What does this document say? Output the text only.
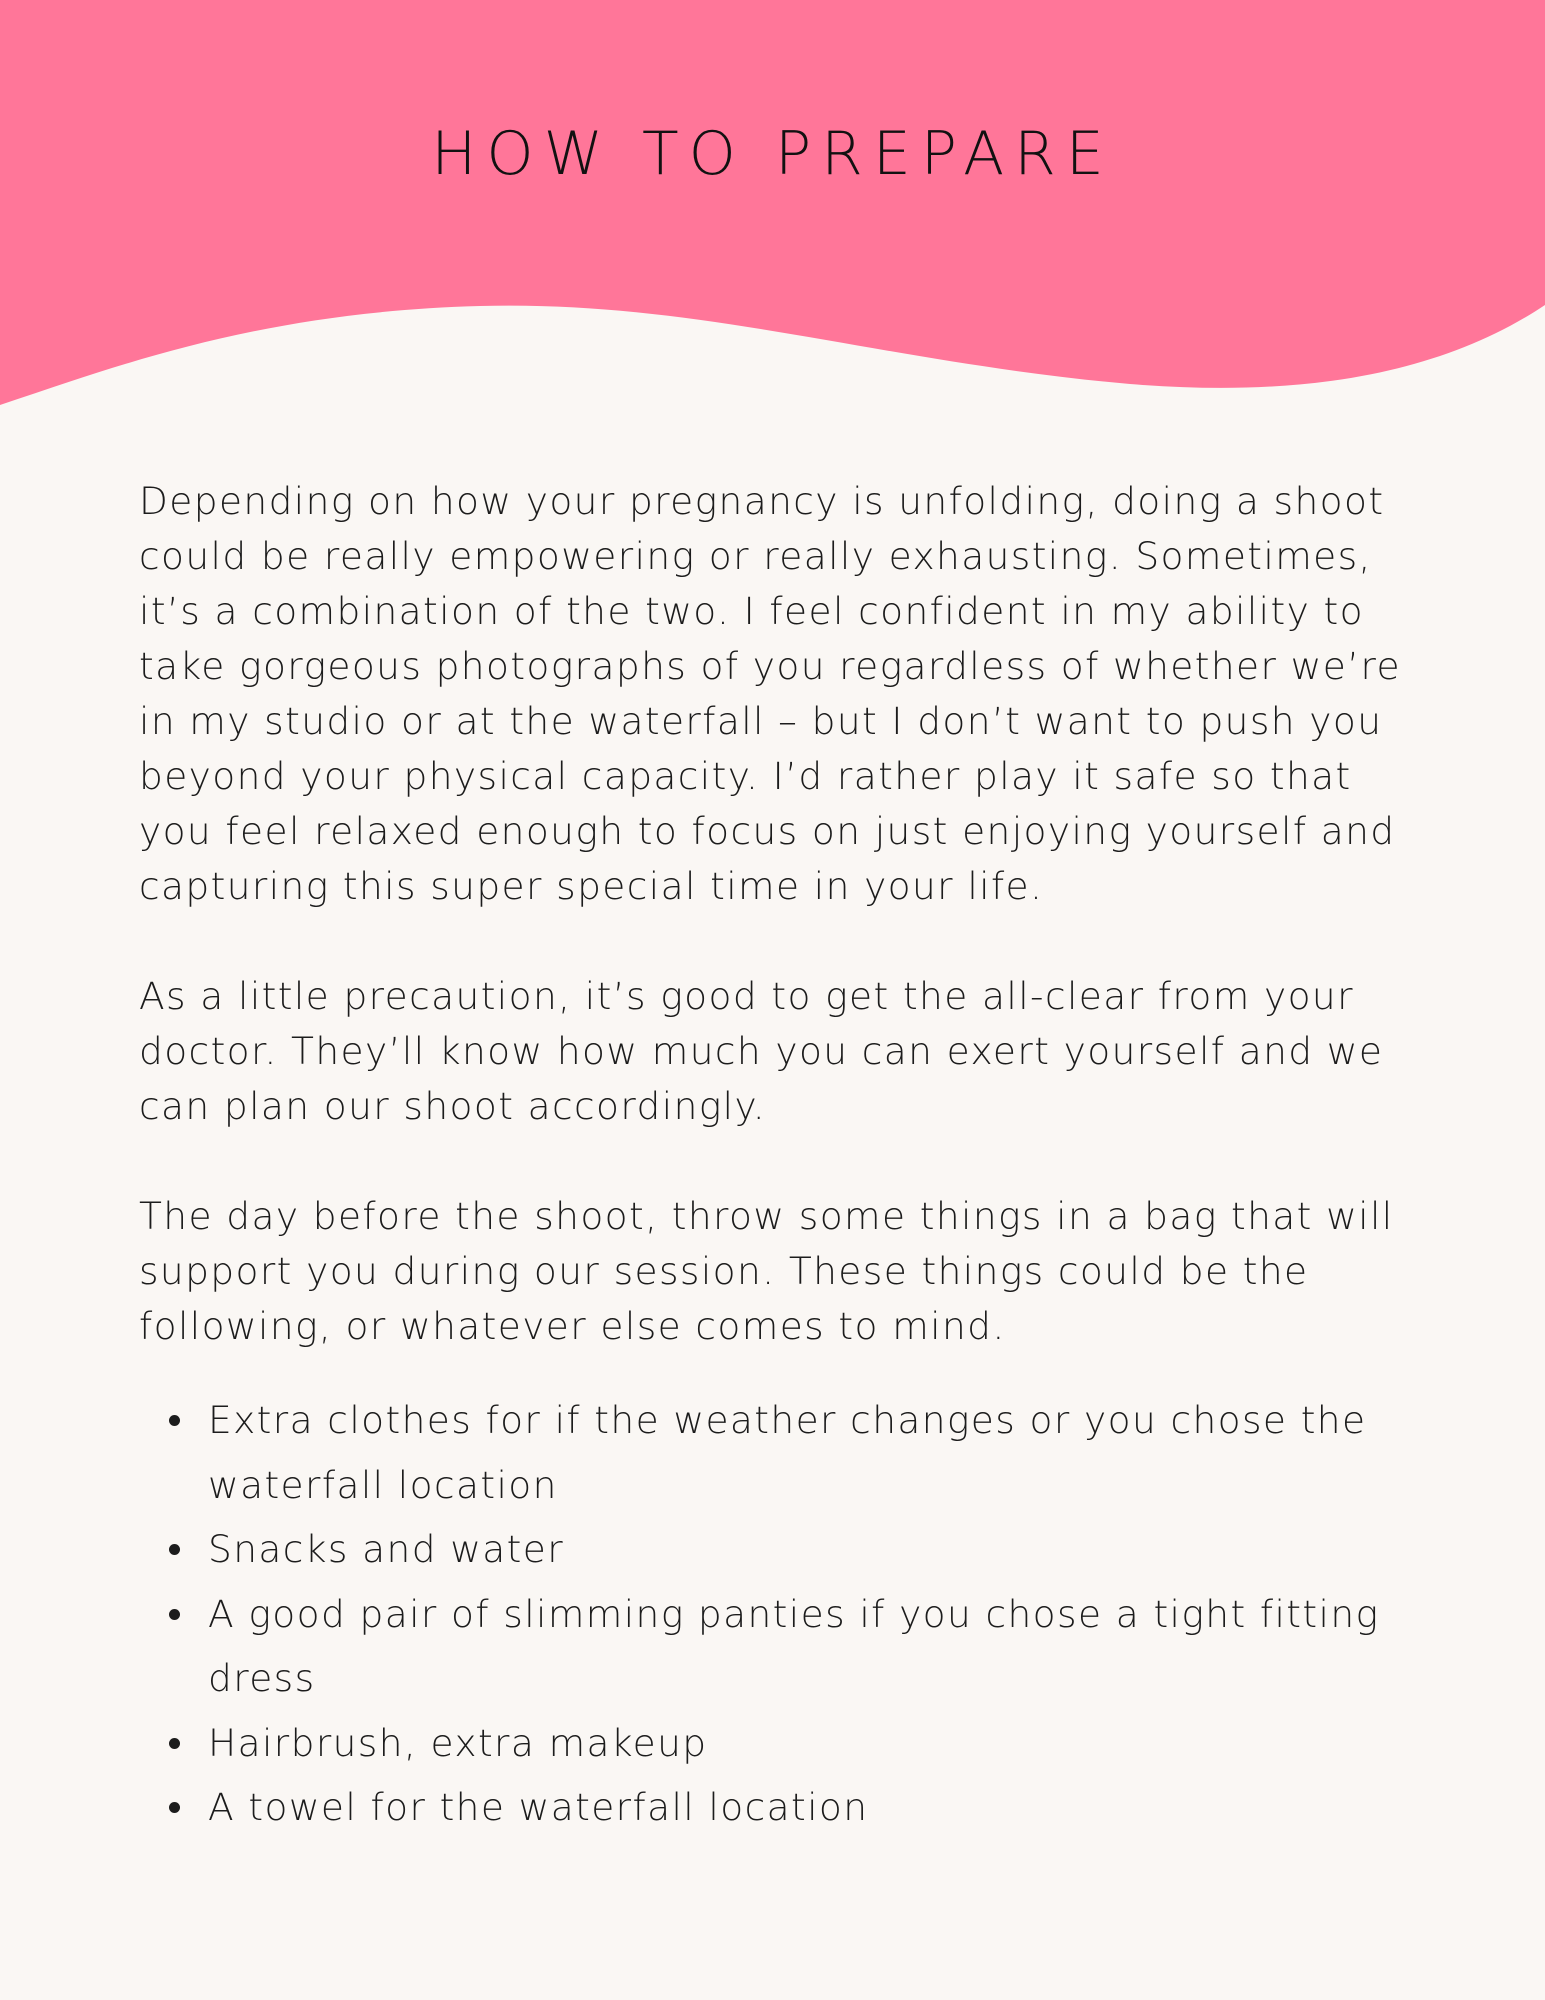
HOW TO PREPARE

Depending on how your pregnancy is unfolding, doing a shoot could be really empowering or really exhausting. Sometimes, it’s a combination of the two. I feel confident in my ability to take gorgeous photographs of you regardless of whether we’re in my studio or at the waterfall – but I don’t want to push you beyond your physical capacity. I’d rather play it safe so that you feel relaxed enough to focus on just enjoying yourself and capturing this super special time in your life.

As a little precaution, it’s good to get the all-clear from your doctor. They’ll know how much you can exert yourself and we can plan our shoot accordingly.

The day before the shoot, throw some things in a bag that will support you during our session. These things could be the following, or whatever else comes to mind.

Extra clothes for if the weather changes or you chose the waterfall location
Snacks and water
A good pair of slimming panties if you chose a tight fitting dress
Hairbrush, extra makeup
A towel for the waterfall location
